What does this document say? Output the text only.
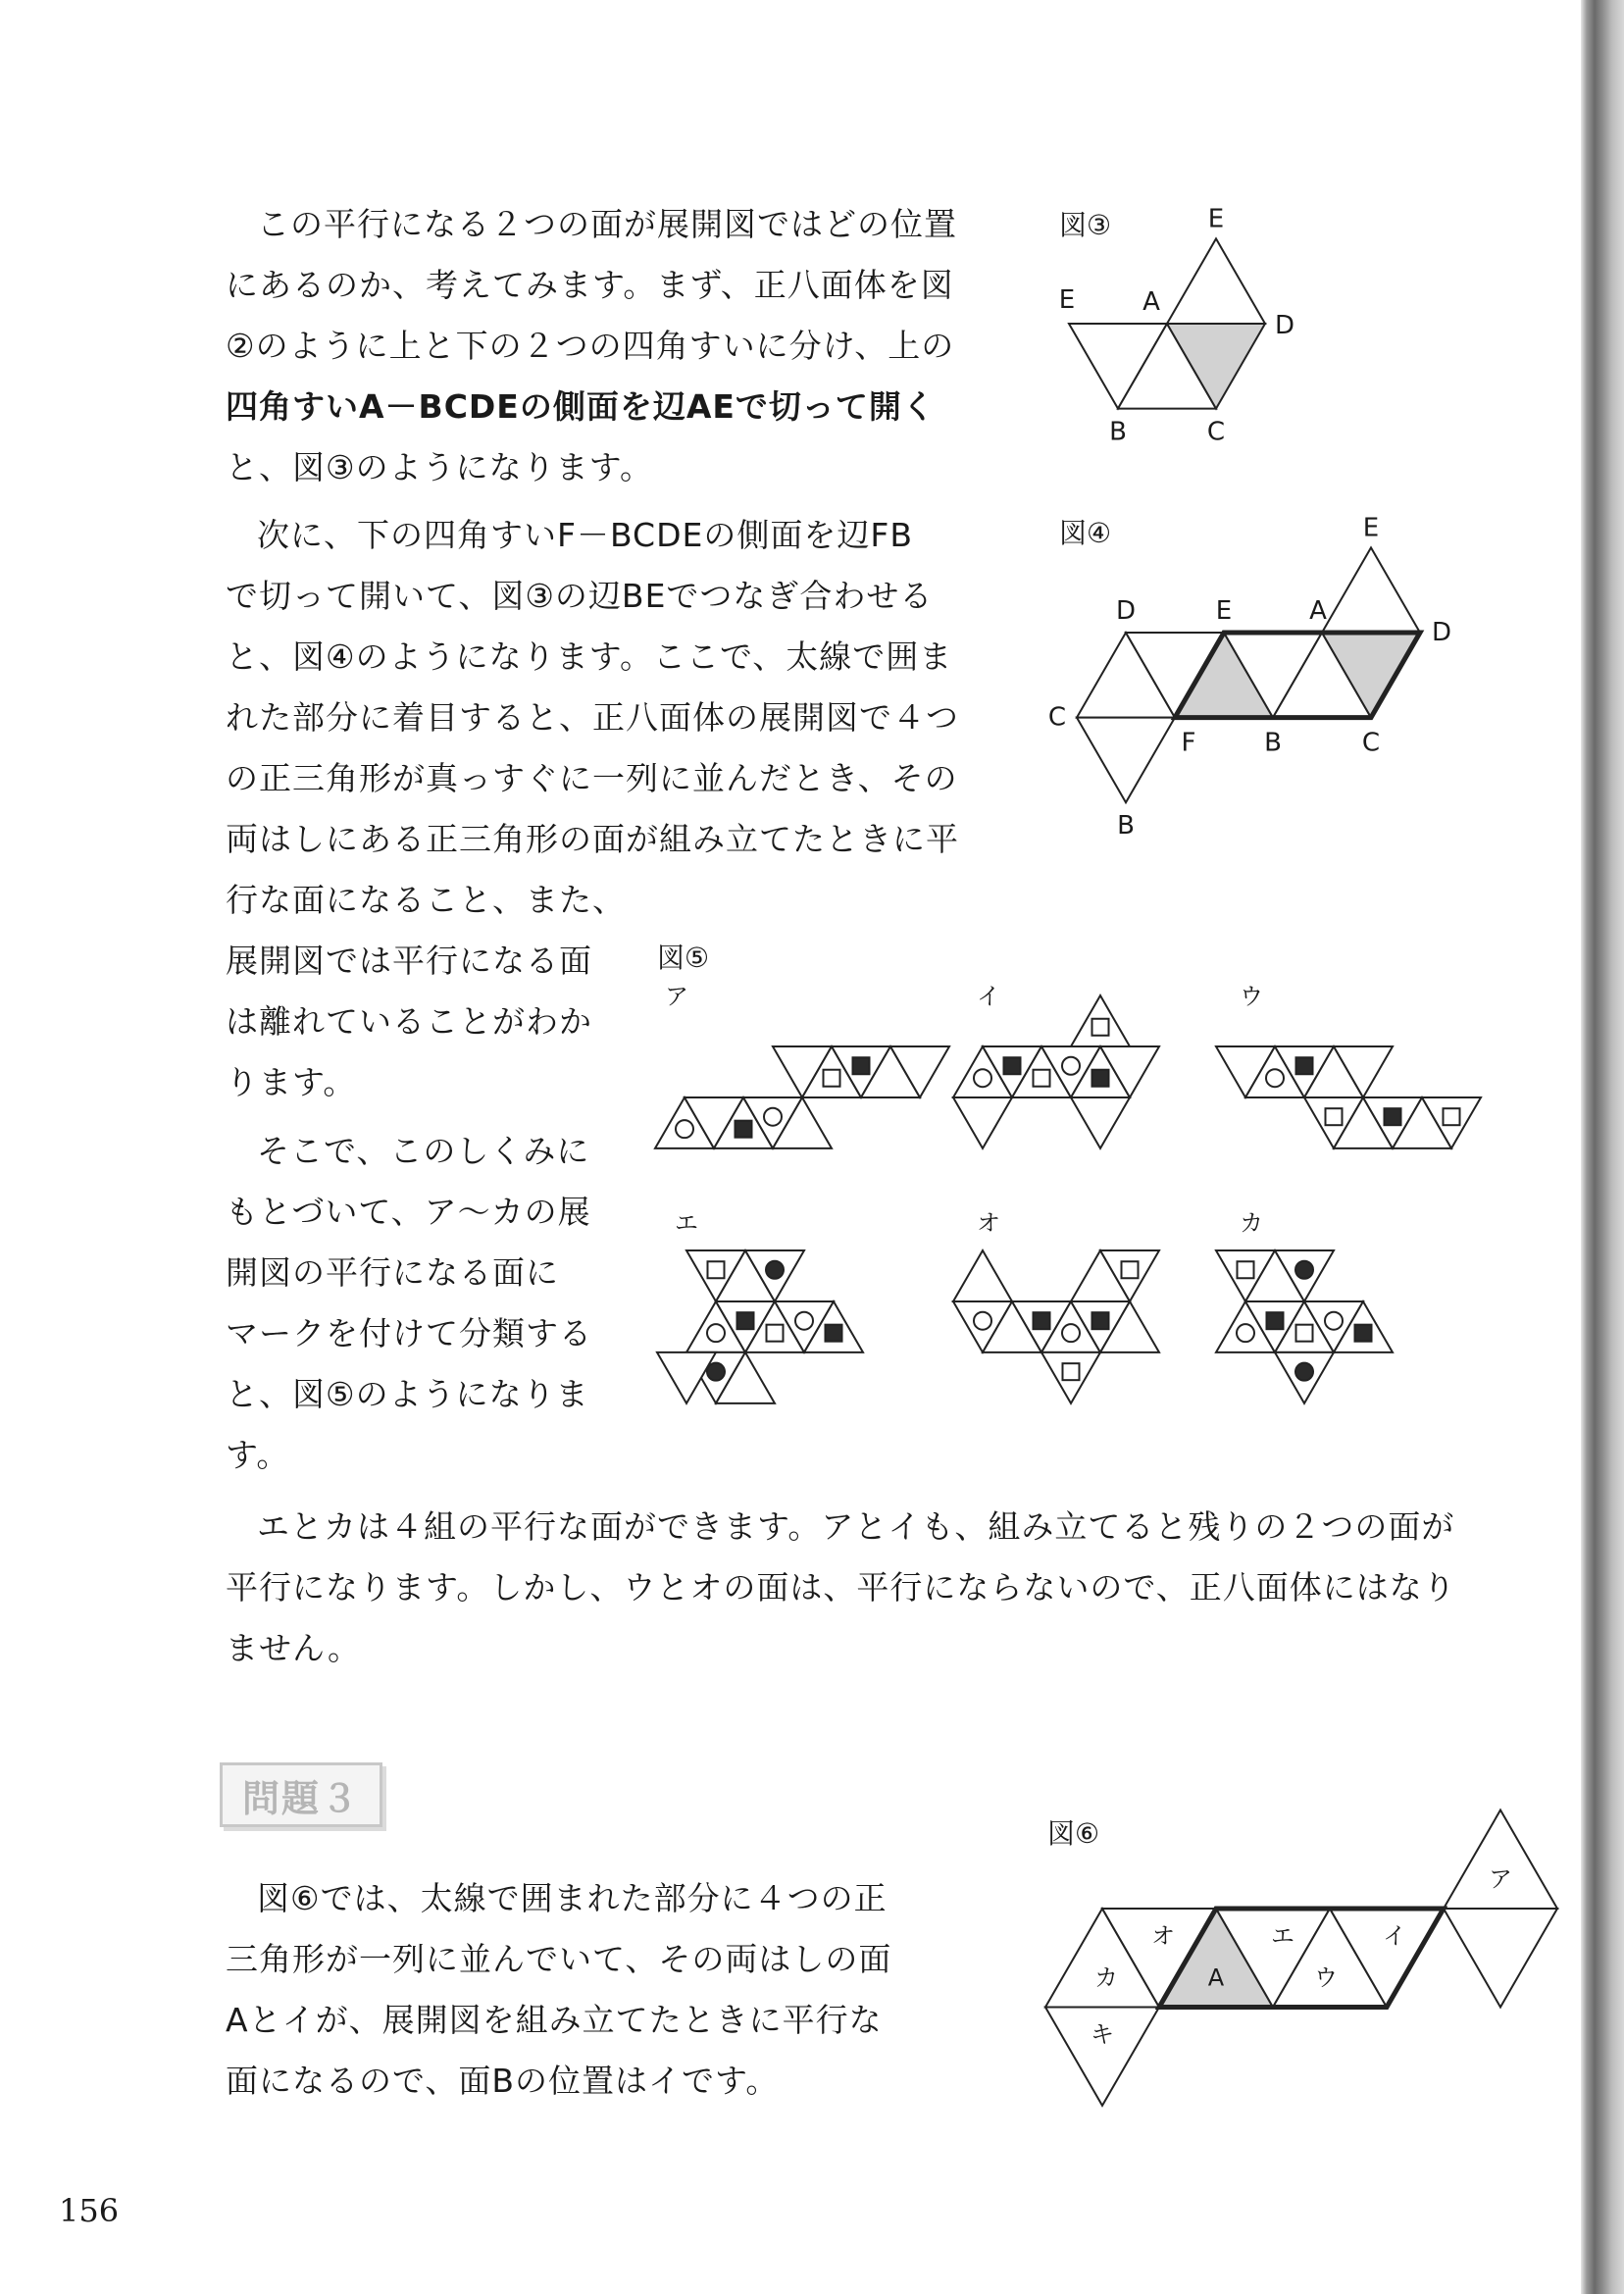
この平行になる２つの面が展開図ではどの位置

にあるのか、考えてみます。まず、正八面体を図

②のように上と下の２つの四角すいに分け、上の

四角すいA－BCDEの側面を辺AEで切って開く

と、図③のようになります。

次に、下の四角すいF－BCDEの側面を辺FB

で切って開いて、図③の辺BEでつなぎ合わせる

と、図④のようになります。ここで、太線で囲ま

れた部分に着目すると、正八面体の展開図で４つ

の正三角形が真っすぐに一列に並んだとき、その

両はしにある正三角形の面が組み立てたときに平

行な面になること、また、

展開図では平行になる面

は離れていることがわか

ります。

そこで、このしくみに

もとづいて、ア～カの展

開図の平行になる面に

マークを付けて分類する

と、図⑤のようになりま

す。

エとカは４組の平行な面ができます。アとイも、組み立てると残りの２つの面が

平行になります。しかし、ウとオの面は、平行にならないので、正八面体にはなり

ません。

問題３

図⑥では、太線で囲まれた部分に４つの正

三角形が一列に並んでいて、その両はしの面

Aとイが、展開図を組み立てたときに平行な

面になるので、面Bの位置はイです。

図③
図④
図⑤
図⑥
156
E
E	A
D
B	C
E
D	E	A
D
C
F	B	C
B
ア	イ	ウ
エ	オ	カ
ア
カ
オ
A
エ
ウ
イ
キ
